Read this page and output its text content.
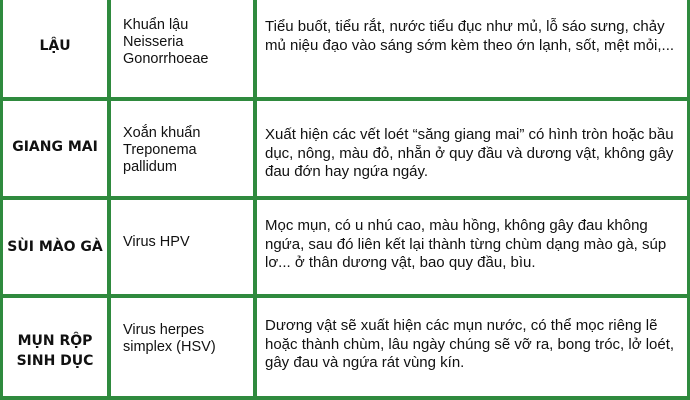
LẬU
Khuẩn lậu Neisseria Gonorrhoeae
Tiểu buốt, tiểu rắt, nước tiểu đục như mủ, lỗ sáo sưng, chảy mủ niệu đạo vào sáng sớm kèm theo ớn lạnh, sốt, mệt mỏi,...
GIANG MAI
Xoắn khuẩn Treponema pallidum
Xuất hiện các vết loét “săng giang mai” có hình tròn hoặc bầu dục, nông, màu đỏ, nhẵn ở quy đầu và dương vật, không gây đau đớn hay ngứa ngáy.
SÙI MÀO GÀ	Virus HPV
Mọc mụn, có u nhú cao, màu hồng, không gây đau không ngứa, sau đó liên kết lại thành từng chùm dạng mào gà, súp lơ... ở thân dương vật, bao quy đầu, bìu.
MỤN RỘP SINH DỤC
Virus herpes simplex (HSV)
Dương vật sẽ xuất hiện các mụn nước, có thể mọc riêng lẽ hoặc thành chùm, lâu ngày chúng sẽ vỡ ra, bong tróc, lở loét, gây đau và ngứa rát vùng kín.
